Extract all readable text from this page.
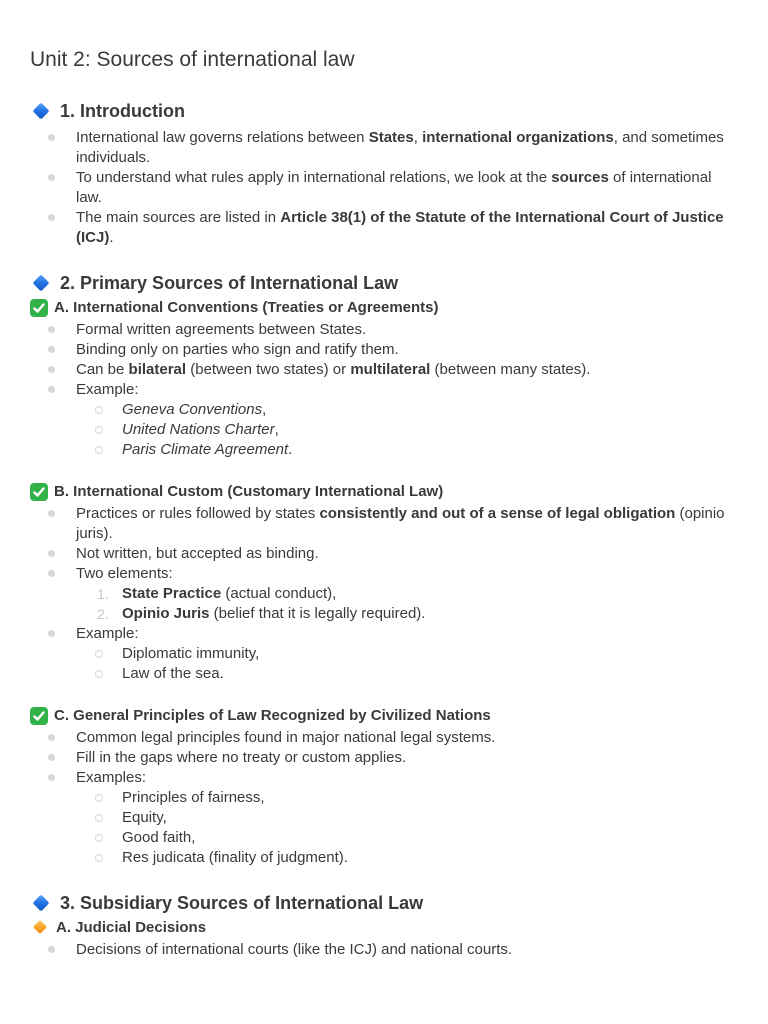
Unit 2: Sources of international law
1. Introduction
International law governs relations between States, international organizations, and sometimes individuals.
To understand what rules apply in international relations, we look at the sources of international law.
The main sources are listed in Article 38(1) of the Statute of the International Court of Justice (ICJ).
2. Primary Sources of International Law
A. International Conventions (Treaties or Agreements)
Formal written agreements between States.
Binding only on parties who sign and ratify them.
Can be bilateral (between two states) or multilateral (between many states).
Example:
Geneva Conventions,
United Nations Charter,
Paris Climate Agreement.
B. International Custom (Customary International Law)
Practices or rules followed by states consistently and out of a sense of legal obligation (opinio juris).
Not written, but accepted as binding.
Two elements:
1. State Practice (actual conduct),
2. Opinio Juris (belief that it is legally required).
Example:
Diplomatic immunity,
Law of the sea.
C. General Principles of Law Recognized by Civilized Nations
Common legal principles found in major national legal systems.
Fill in the gaps where no treaty or custom applies.
Examples:
Principles of fairness,
Equity,
Good faith,
Res judicata (finality of judgment).
3. Subsidiary Sources of International Law
A. Judicial Decisions
Decisions of international courts (like the ICJ) and national courts.
